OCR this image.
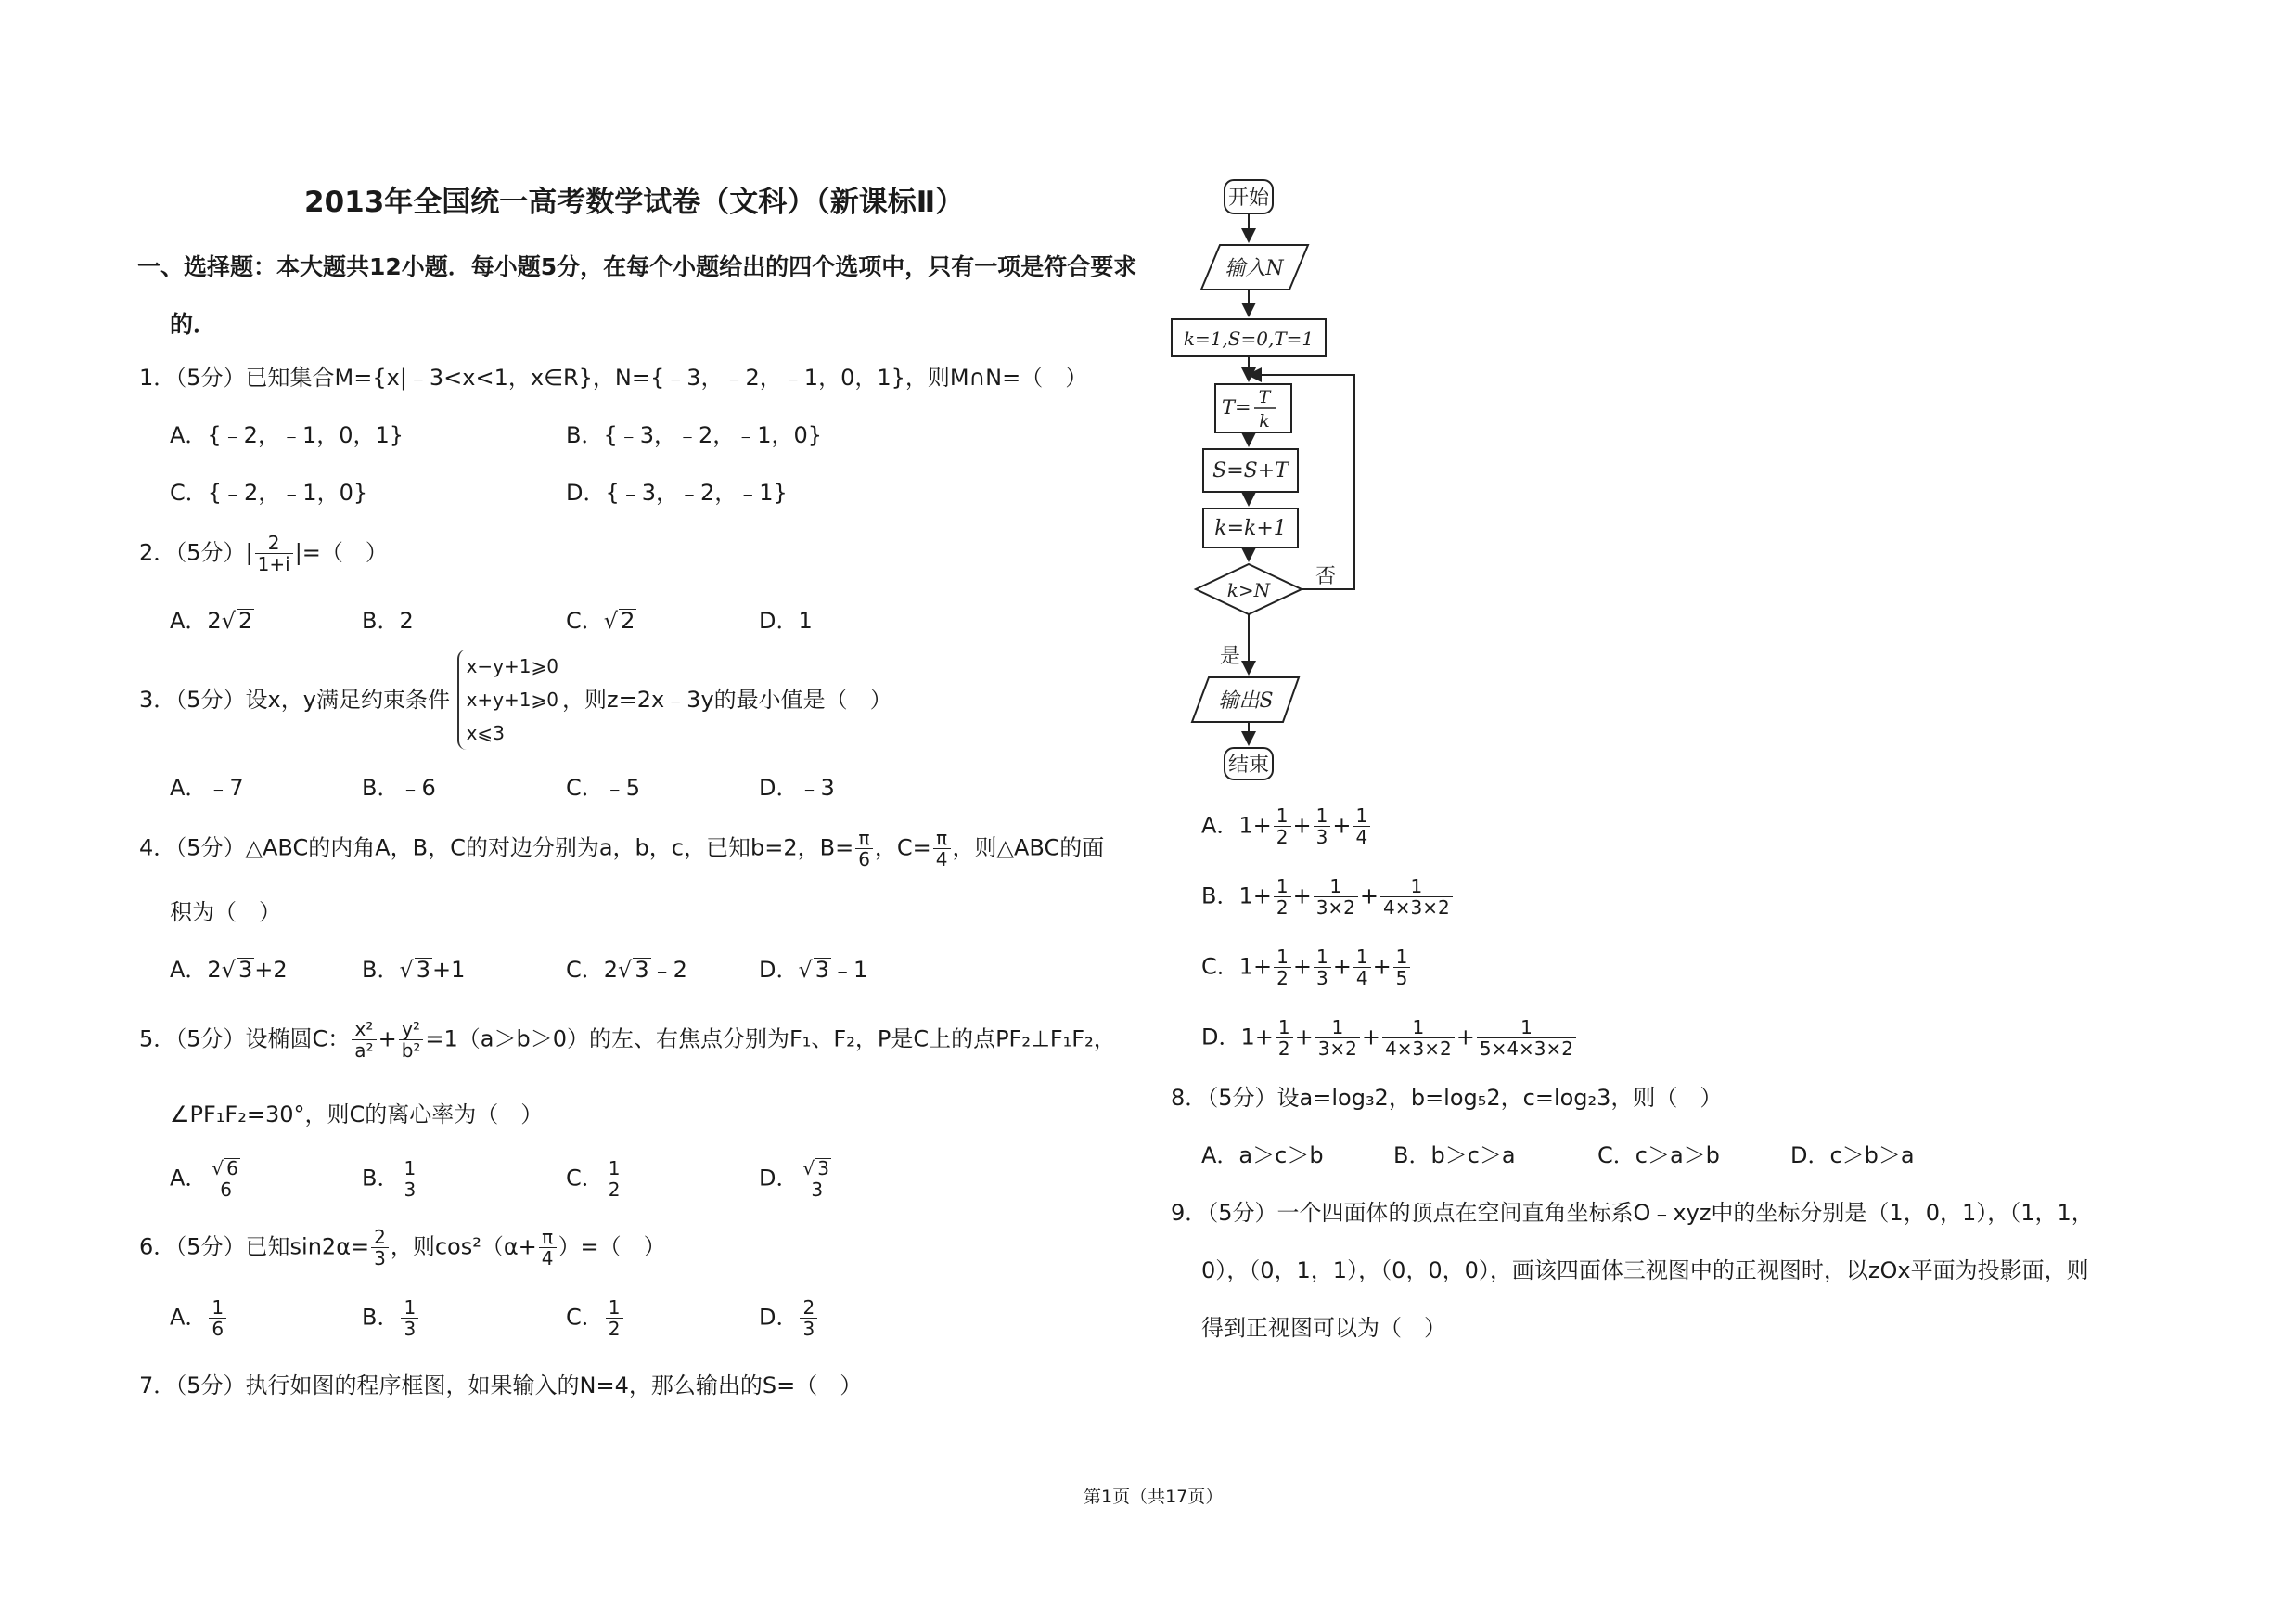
2013年全国统一高考数学试卷（文科）（新课标Ⅱ）
一、选择题：本大题共12小题．每小题5分，在每个小题给出的四个选项中，只有一项是符合要求
的．
1．（5分）已知集合M={x|﹣3<x<1，x∈R}，N={﹣3，﹣2，﹣1，0，1}，则M∩N=（　）
A．{﹣2，﹣1，0，1}	B．{﹣3，﹣2，﹣1，0}
C．{﹣2，﹣1，0}	D．{﹣3，﹣2，﹣1}
2．（5分）| $\frac{2}{1+i}$ |=（　）
A．2√ 2	B．2	C．√ 2	D．1
3．（5分）设x，y满足约束条件
x−y+1⩾0
x+y+1⩾0
x⩽3
，则z=2x﹣3y的最小值是（　）
A．﹣7	B．﹣6	C．﹣5	D．﹣3
4．（5分）△ABC的内角A，B，C的对边分别为a，b，c，已知b=2，$B= \frac{\pi}{6}$ ，$C= \frac{\pi}{4}$ ，则△ABC的面
积为（　）
A．2√ 3+2	B．√ 3+1	C．2√ 3﹣2	D．√ 3﹣1
5．（5分）设椭圆C： $\frac{\text{x²}}{\text{a²}} + \frac{\text{y²}}{\text{b²}} =1(a>b>0)$的左、右焦点分别为F₁、F₂，P是C上的点PF₂⊥F₁F₂，
∠PF₁F₂=30°，则C的离心率为（　）
A． $\frac{√ 6}{6}$	B． $\frac{1}{3}$	C． $\frac{1}{2}$	D． $\frac{√ 3}{3}$
6．（5分）已知$\sin 2\alpha= \frac{2}{3}$ ，则$\cos^2(\alpha+ \frac{\pi}{4}$ ）=（　）
A． $\frac{1}{6}$	B． $\frac{1}{3}$	C． $\frac{1}{2}$	D． $\frac{2}{3}$
7．（5分）执行如图的程序框图，如果输入的N=4，那么输出的S=（　）
开始
输入N
k=1,S=0,T=1
T= T
k
S=S+T
k=k+1
k>N
否
是
输出S
结束
A．$1+ \frac{1}{2} + \frac{1}{3} + \frac{1}{4}$
B．$1+ \frac{1}{2} + \frac{1}{3\times 2} + \frac{1}{4\times 3\times 2}$
C．$1+ \frac{1}{2} + \frac{1}{3} + \frac{1}{4} + \frac{1}{5}$
D．$1+ \frac{1}{2} + \frac{1}{3\times 2} + \frac{1}{4\times 3\times 2} + \frac{1}{5\times 4\times 3\times 2}$
8．（5分）设a=log₃2，b=log₅2，c=log₂3，则（　）
A．a＞c＞b	B．b＞c＞a	C．c＞a＞b	D．c＞b＞a
9．（5分）一个四面体的顶点在空间直角坐标系O﹣xyz中的坐标分别是（1，0，1），（1，1，
0），（0，1，1），（0，0，0），画该四面体三视图中的正视图时，以zOx平面为投影面，则
得到正视图可以为（　）
第1页（共17页）
